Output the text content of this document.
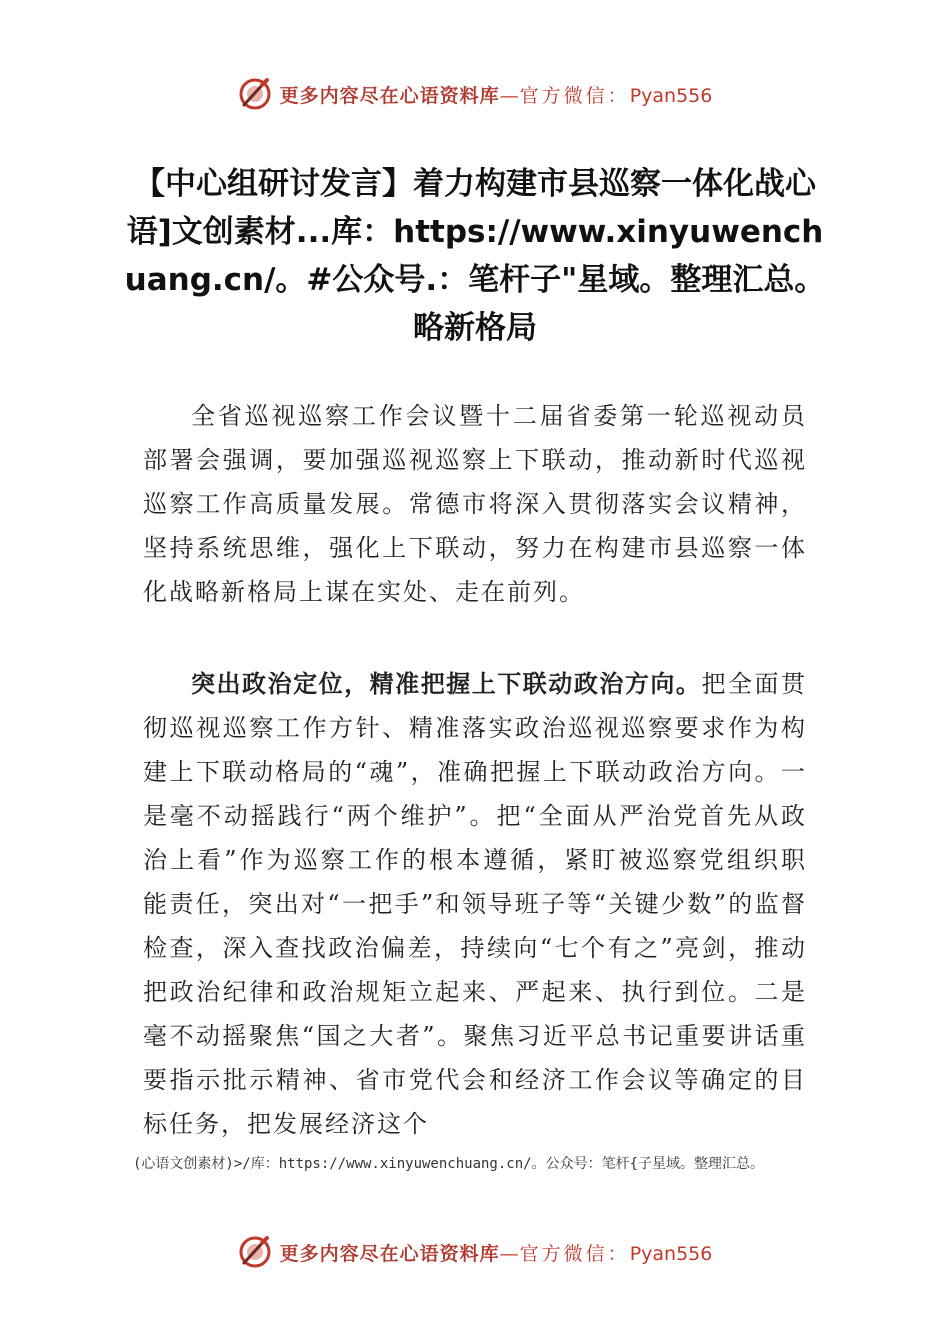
更多内容尽在心语资料库—官方微信：Pyan556
【中心组研讨发言】着力构建市县巡察一体化战心语]文创素材...库：https://www.xinyuwenchuang.cn/。#公众号.：笔杆子"星域。整理汇总。略新格局

全省巡视巡察工作会议暨十二届省委第一轮巡视动员部署会强调，要加强巡视巡察上下联动，推动新时代巡视巡察工作高质量发展。常德市将深入贯彻落实会议精神，坚持系统思维，强化上下联动，努力在构建市县巡察一体化战略新格局上谋在实处、走在前列。

突出政治定位，精准把握上下联动政治方向。把全面贯彻巡视巡察工作方针、精准落实政治巡视巡察要求作为构建上下联动格局的“魂”，准确把握上下联动政治方向。一是毫不动摇践行“两个维护”。把“全面从严治党首先从政治上看”作为巡察工作的根本遵循，紧盯被巡察党组织职能责任，突出对“一把手”和领导班子等“关键少数”的监督检查，深入查找政治偏差，持续向“七个有之”亮剑，推动把政治纪律和政治规矩立起来、严起来、执行到位。二是毫不动摇聚焦“国之大者”。聚焦习近平总书记重要讲话重要指示批示精神、省市党代会和经济工作会议等确定的目标任务，把发展经济这个

(心语文创素材)>/库：https://www.xinyuwenchuang.cn/。公众号：笔杆{子星域。整理汇总。

更多内容尽在心语资料库—官方微信：Pyan556
